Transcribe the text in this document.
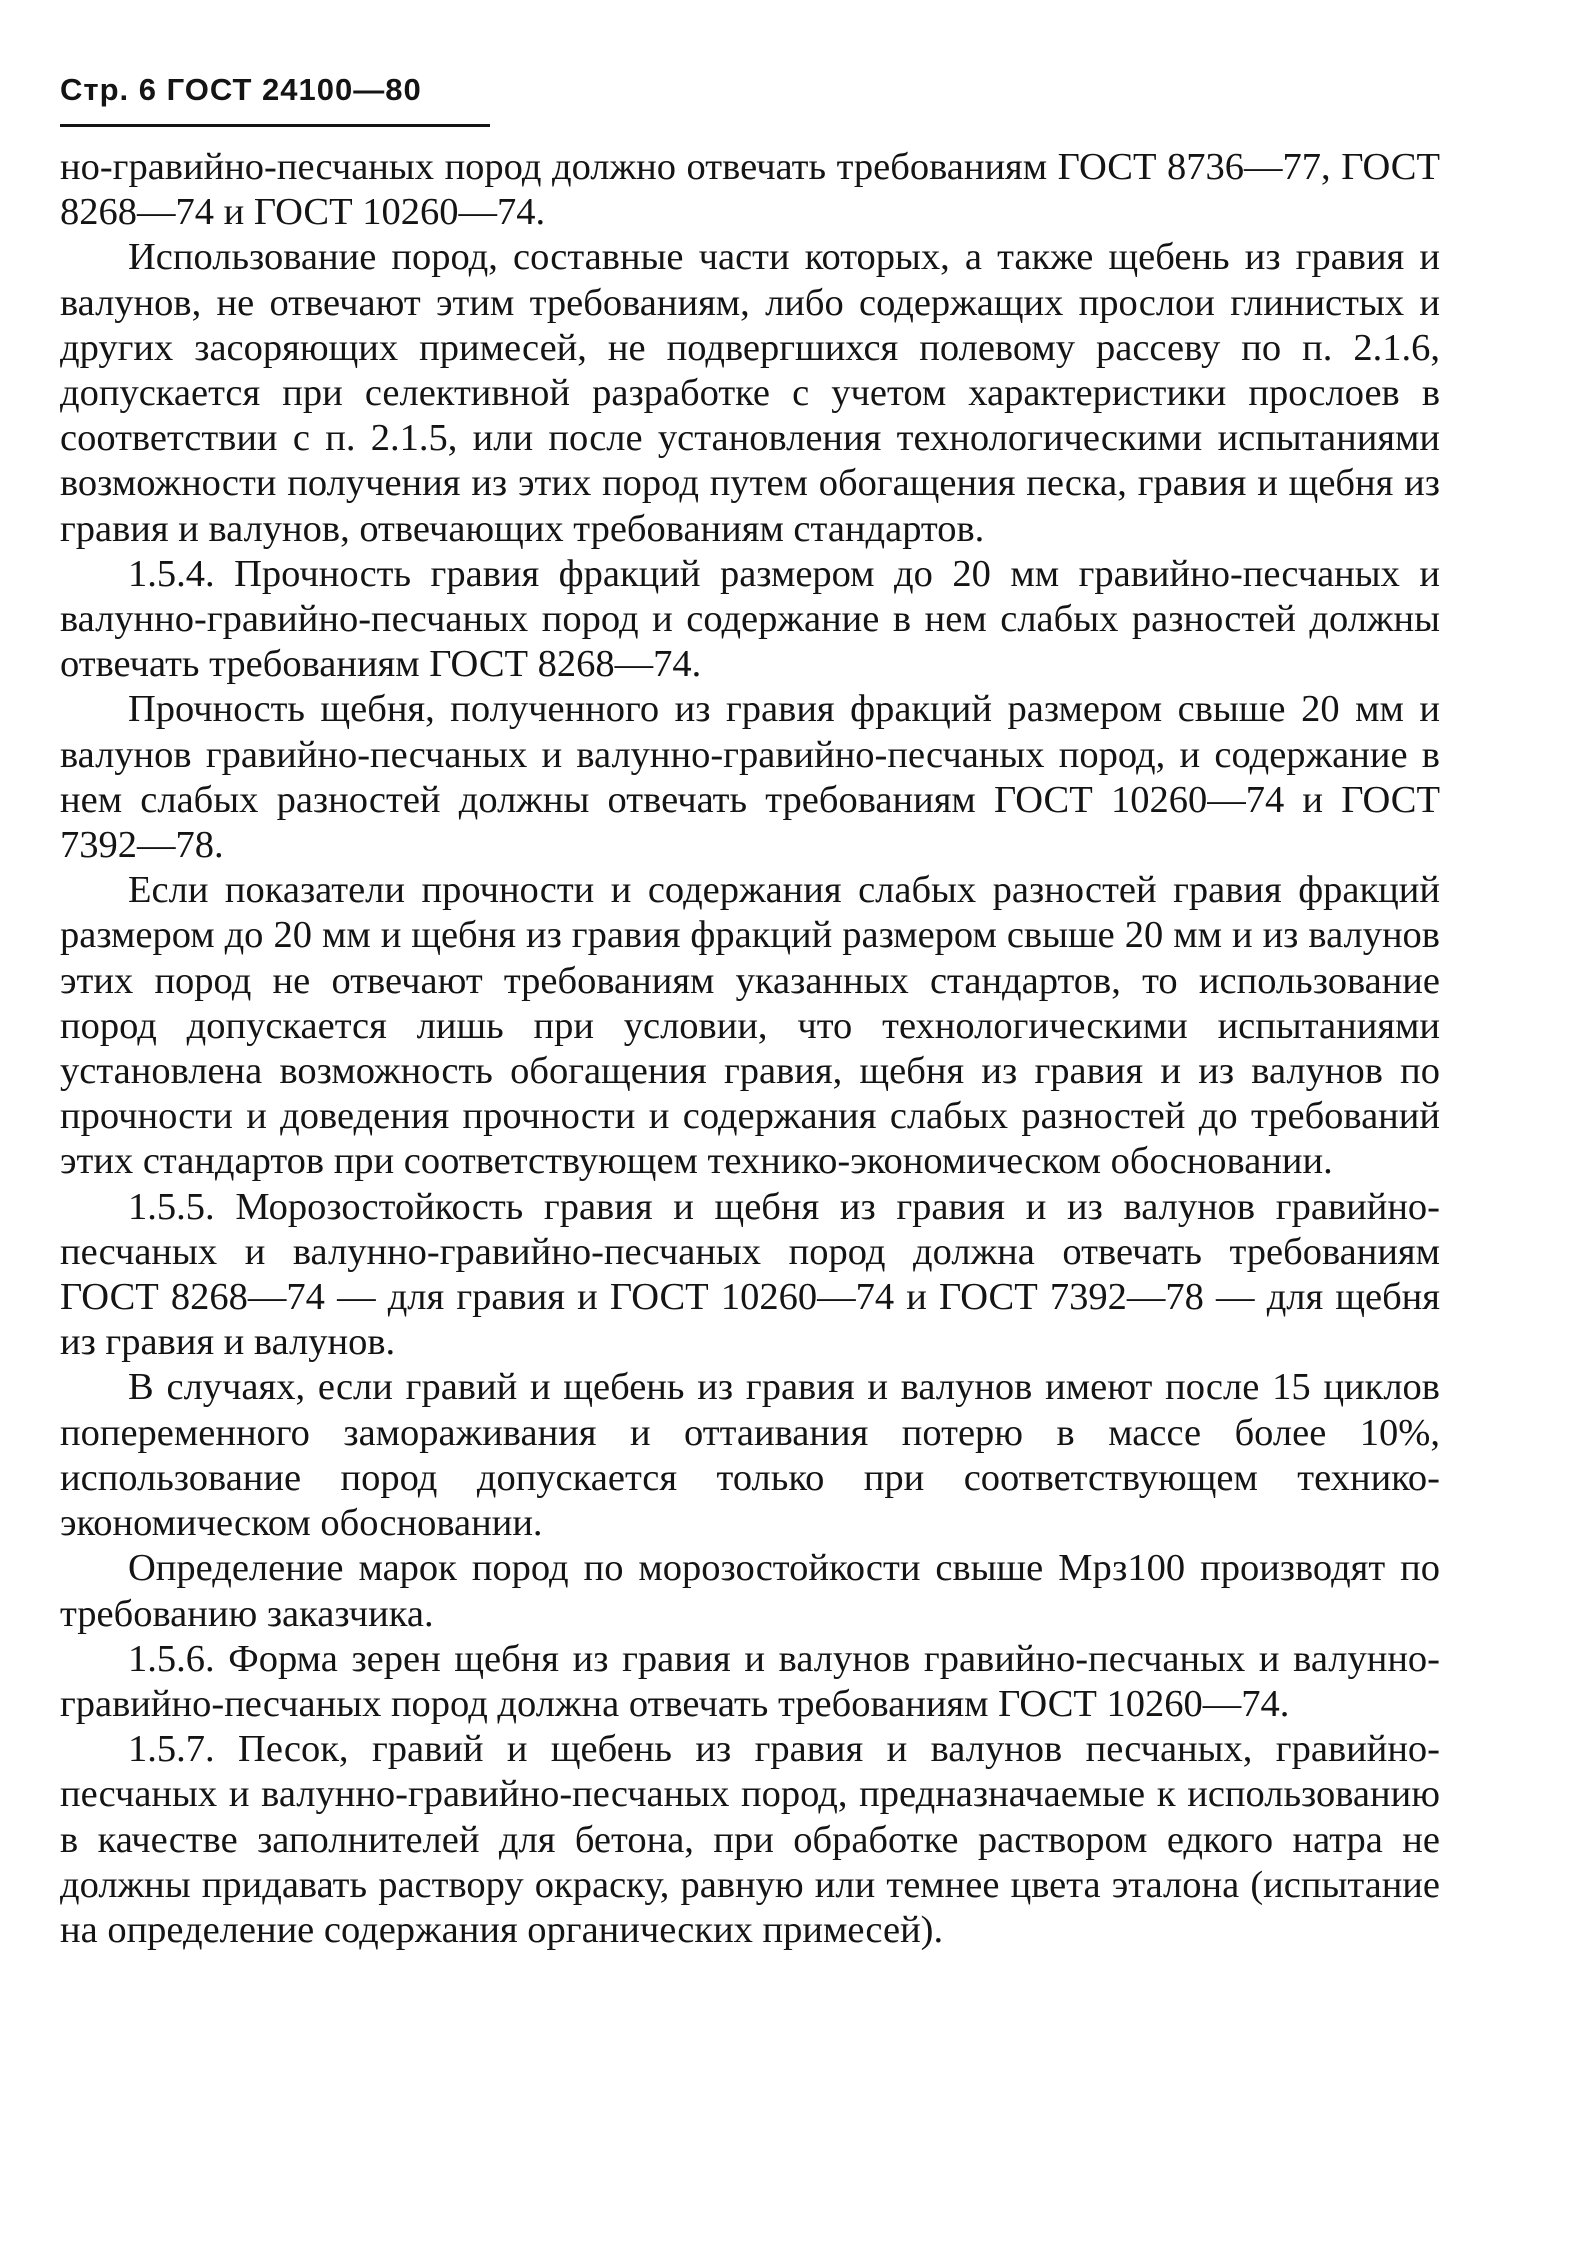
Стр. 6 ГОСТ 24100—80

но-гравийно-песчаных пород должно отвечать требованиям ГОСТ 8736—77, ГОСТ 8268—74 и ГОСТ 10260—74.

Использование пород, составные части которых, а также щебень из гравия и валунов, не отвечают этим требованиям, либо содержащих прослои глинистых и других засоряющих примесей, не подвергшихся полевому рассеву по п. 2.1.6, допускается при селективной разработке с учетом характеристики прослоев в соответствии с п. 2.1.5, или после установления технологическими испытаниями возможности получения из этих пород путем обогащения песка, гравия и щебня из гравия и валунов, отвечающих требованиям стандартов.

1.5.4. Прочность гравия фракций размером до 20 мм гравийно-песчаных и валунно-гравийно-песчаных пород и содержание в нем слабых разностей должны отвечать требованиям ГОСТ 8268—74.

Прочность щебня, полученного из гравия фракций размером свыше 20 мм и валунов гравийно-песчаных и валунно-гравийно-песчаных пород, и содержание в нем слабых разностей должны отвечать требованиям ГОСТ 10260—74 и ГОСТ 7392—78.

Если показатели прочности и содержания слабых разностей гравия фракций размером до 20 мм и щебня из гравия фракций размером свыше 20 мм и из валунов этих пород не отвечают требованиям указанных стандартов, то использование пород допускается лишь при условии, что технологическими испытаниями установлена возможность обогащения гравия, щебня из гравия и из валунов по прочности и доведения прочности и содержания слабых разностей до требований этих стандартов при соответствующем технико-экономическом обосновании.

1.5.5. Морозостойкость гравия и щебня из гравия и из валунов гравийно-песчаных и валунно-гравийно-песчаных пород должна отвечать требованиям ГОСТ 8268—74 — для гравия и ГОСТ 10260—74 и ГОСТ 7392—78 — для щебня из гравия и валунов.

В случаях, если гравий и щебень из гравия и валунов имеют после 15 циклов попеременного замораживания и оттаивания потерю в массе более 10%, использование пород допускается только при соответствующем технико-экономическом обосновании.

Определение марок пород по морозостойкости свыше Мрз100 производят по требованию заказчика.

1.5.6. Форма зерен щебня из гравия и валунов гравийно-песчаных и валунно-гравийно-песчаных пород должна отвечать требованиям ГОСТ 10260—74.

1.5.7. Песок, гравий и щебень из гравия и валунов песчаных, гравийно-песчаных и валунно-гравийно-песчаных пород, предназначаемые к использованию в качестве заполнителей для бетона, при обработке раствором едкого натра не должны придавать раствору окраску, равную или темнее цвета эталона (испытание на определение содержания органических примесей).
